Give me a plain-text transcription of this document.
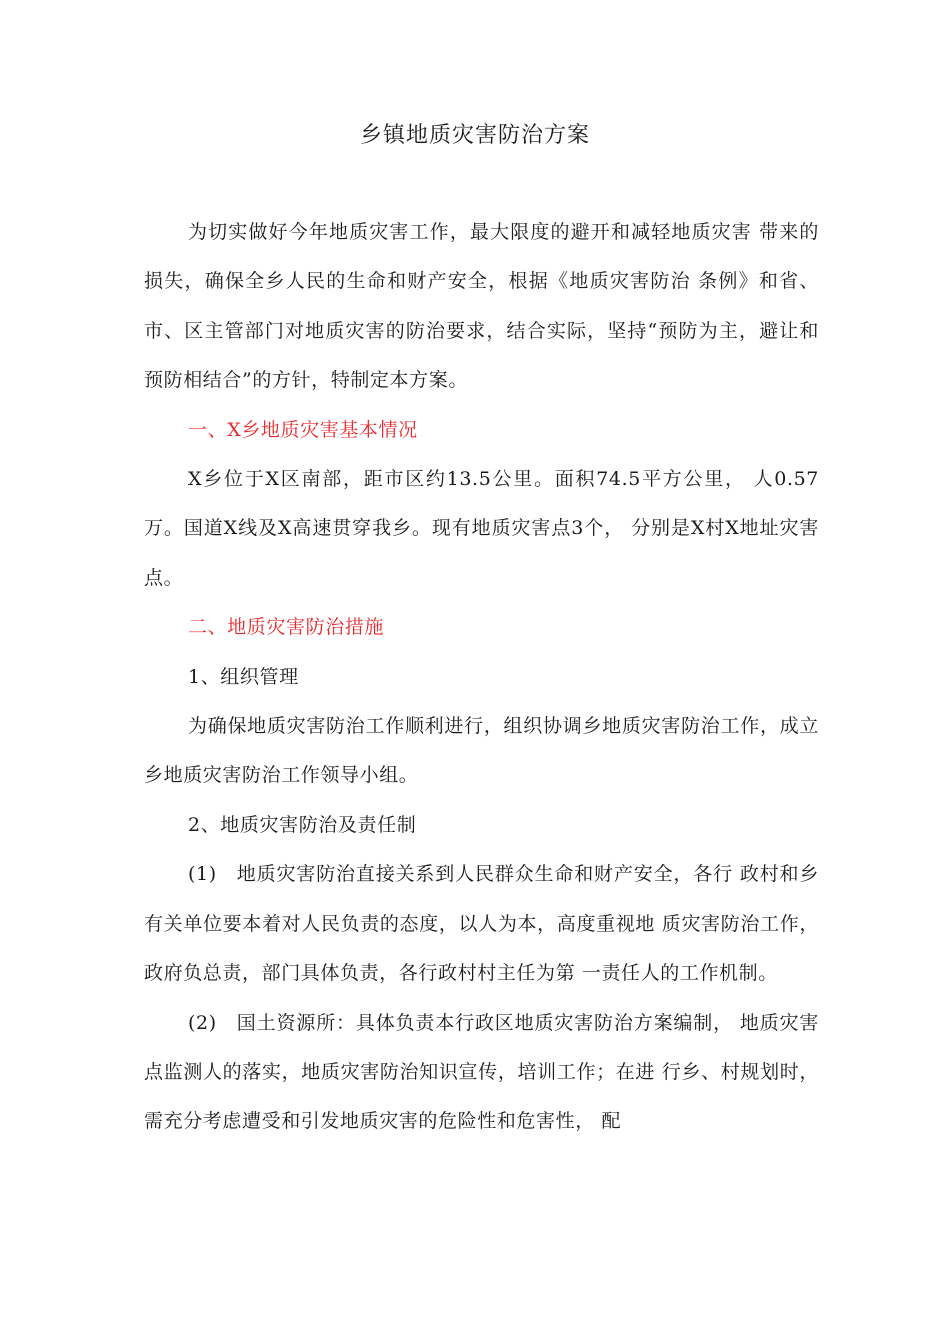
乡镇地质灾害防治方案

为切实做好今年地质灾害工作，最大限度的避开和减轻地质灾害 带来的损失，确保全乡人民的生命和财产安全，根据《地质灾害防治 条例》和省、市、区主管部门对地质灾害的防治要求，结合实际，坚持“预防为主，避让和预防相结合”的方针，特制定本方案。

一、X乡地质灾害基本情况

X乡位于X区南部，距市区约13.5公里。面积74.5平方公里， 人0.57万。国道X线及X高速贯穿我乡。现有地质灾害点3个， 分别是X村X地址灾害点。

二、地质灾害防治措施

1、组织管理

为确保地质灾害防治工作顺利进行，组织协调乡地质灾害防治工作，成立乡地质灾害防治工作领导小组。

2、地质灾害防治及责任制

(1)　地质灾害防治直接关系到人民群众生命和财产安全，各行 政村和乡有关单位要本着对人民负责的态度，以人为本，高度重视地 质灾害防治工作，政府负总责，部门具体负责，各行政村村主任为第 一责任人的工作机制。

(2)　国土资源所：具体负责本行政区地质灾害防治方案编制， 地质灾害点监测人的落实，地质灾害防治知识宣传，培训工作；在进 行乡、村规划时，需充分考虑遭受和引发地质灾害的危险性和危害性， 配
